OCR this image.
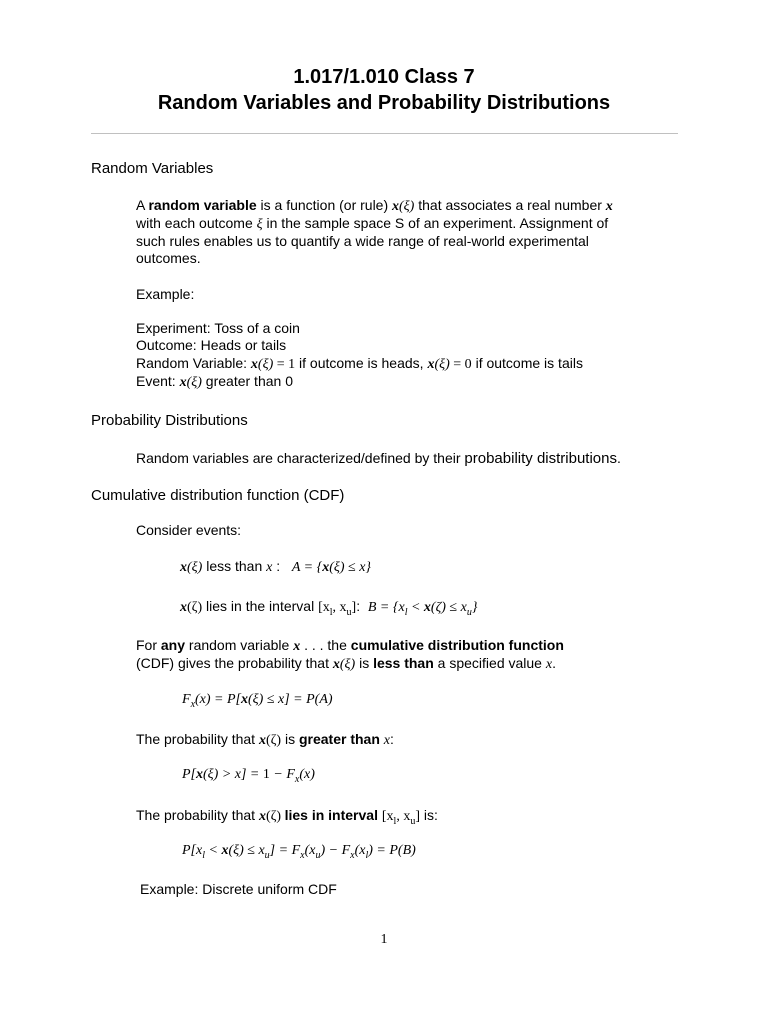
1.017/1.010 Class 7
Random Variables and Probability Distributions
Random Variables
A random variable is a function (or rule) x(ξ) that associates a real number x
with each outcome ξ in the sample space S of an experiment. Assignment of
such rules enables us to quantify a wide range of real-world experimental
outcomes.
Example:
Experiment: Toss of a coin
Outcome: Heads or tails
Random Variable: x(ξ) = 1 if outcome is heads, x(ξ) = 0 if outcome is tails
Event: x(ξ) greater than 0
Probability Distributions
Random variables are characterized/defined by their probability distributions.
Cumulative distribution function (CDF)
Consider events:
x(ξ) less than x :   A = {x(ξ) ≤ x}
x(ζ) lies in the interval [$x_l$, $x_u$]:  $B = \{x_l < x(\zeta) \le x_u\}$
For any random variable x . . . the cumulative distribution function
(CDF) gives the probability that x(ξ) is less than a specified value x.
$F_x(x) = P[x(\xi) \le x] = P(A)$
The probability that x(ζ) is greater than x:
$P[x(\xi) > x] = 1 - F_x(x)$
The probability that x(ζ) lies in interval [$x_l$, $x_u$] is:
$P[x_l < x(\xi) \le x_u] = F_x(x_u) - F_x(x_l) = P(B)$
Example: Discrete uniform CDF
1
